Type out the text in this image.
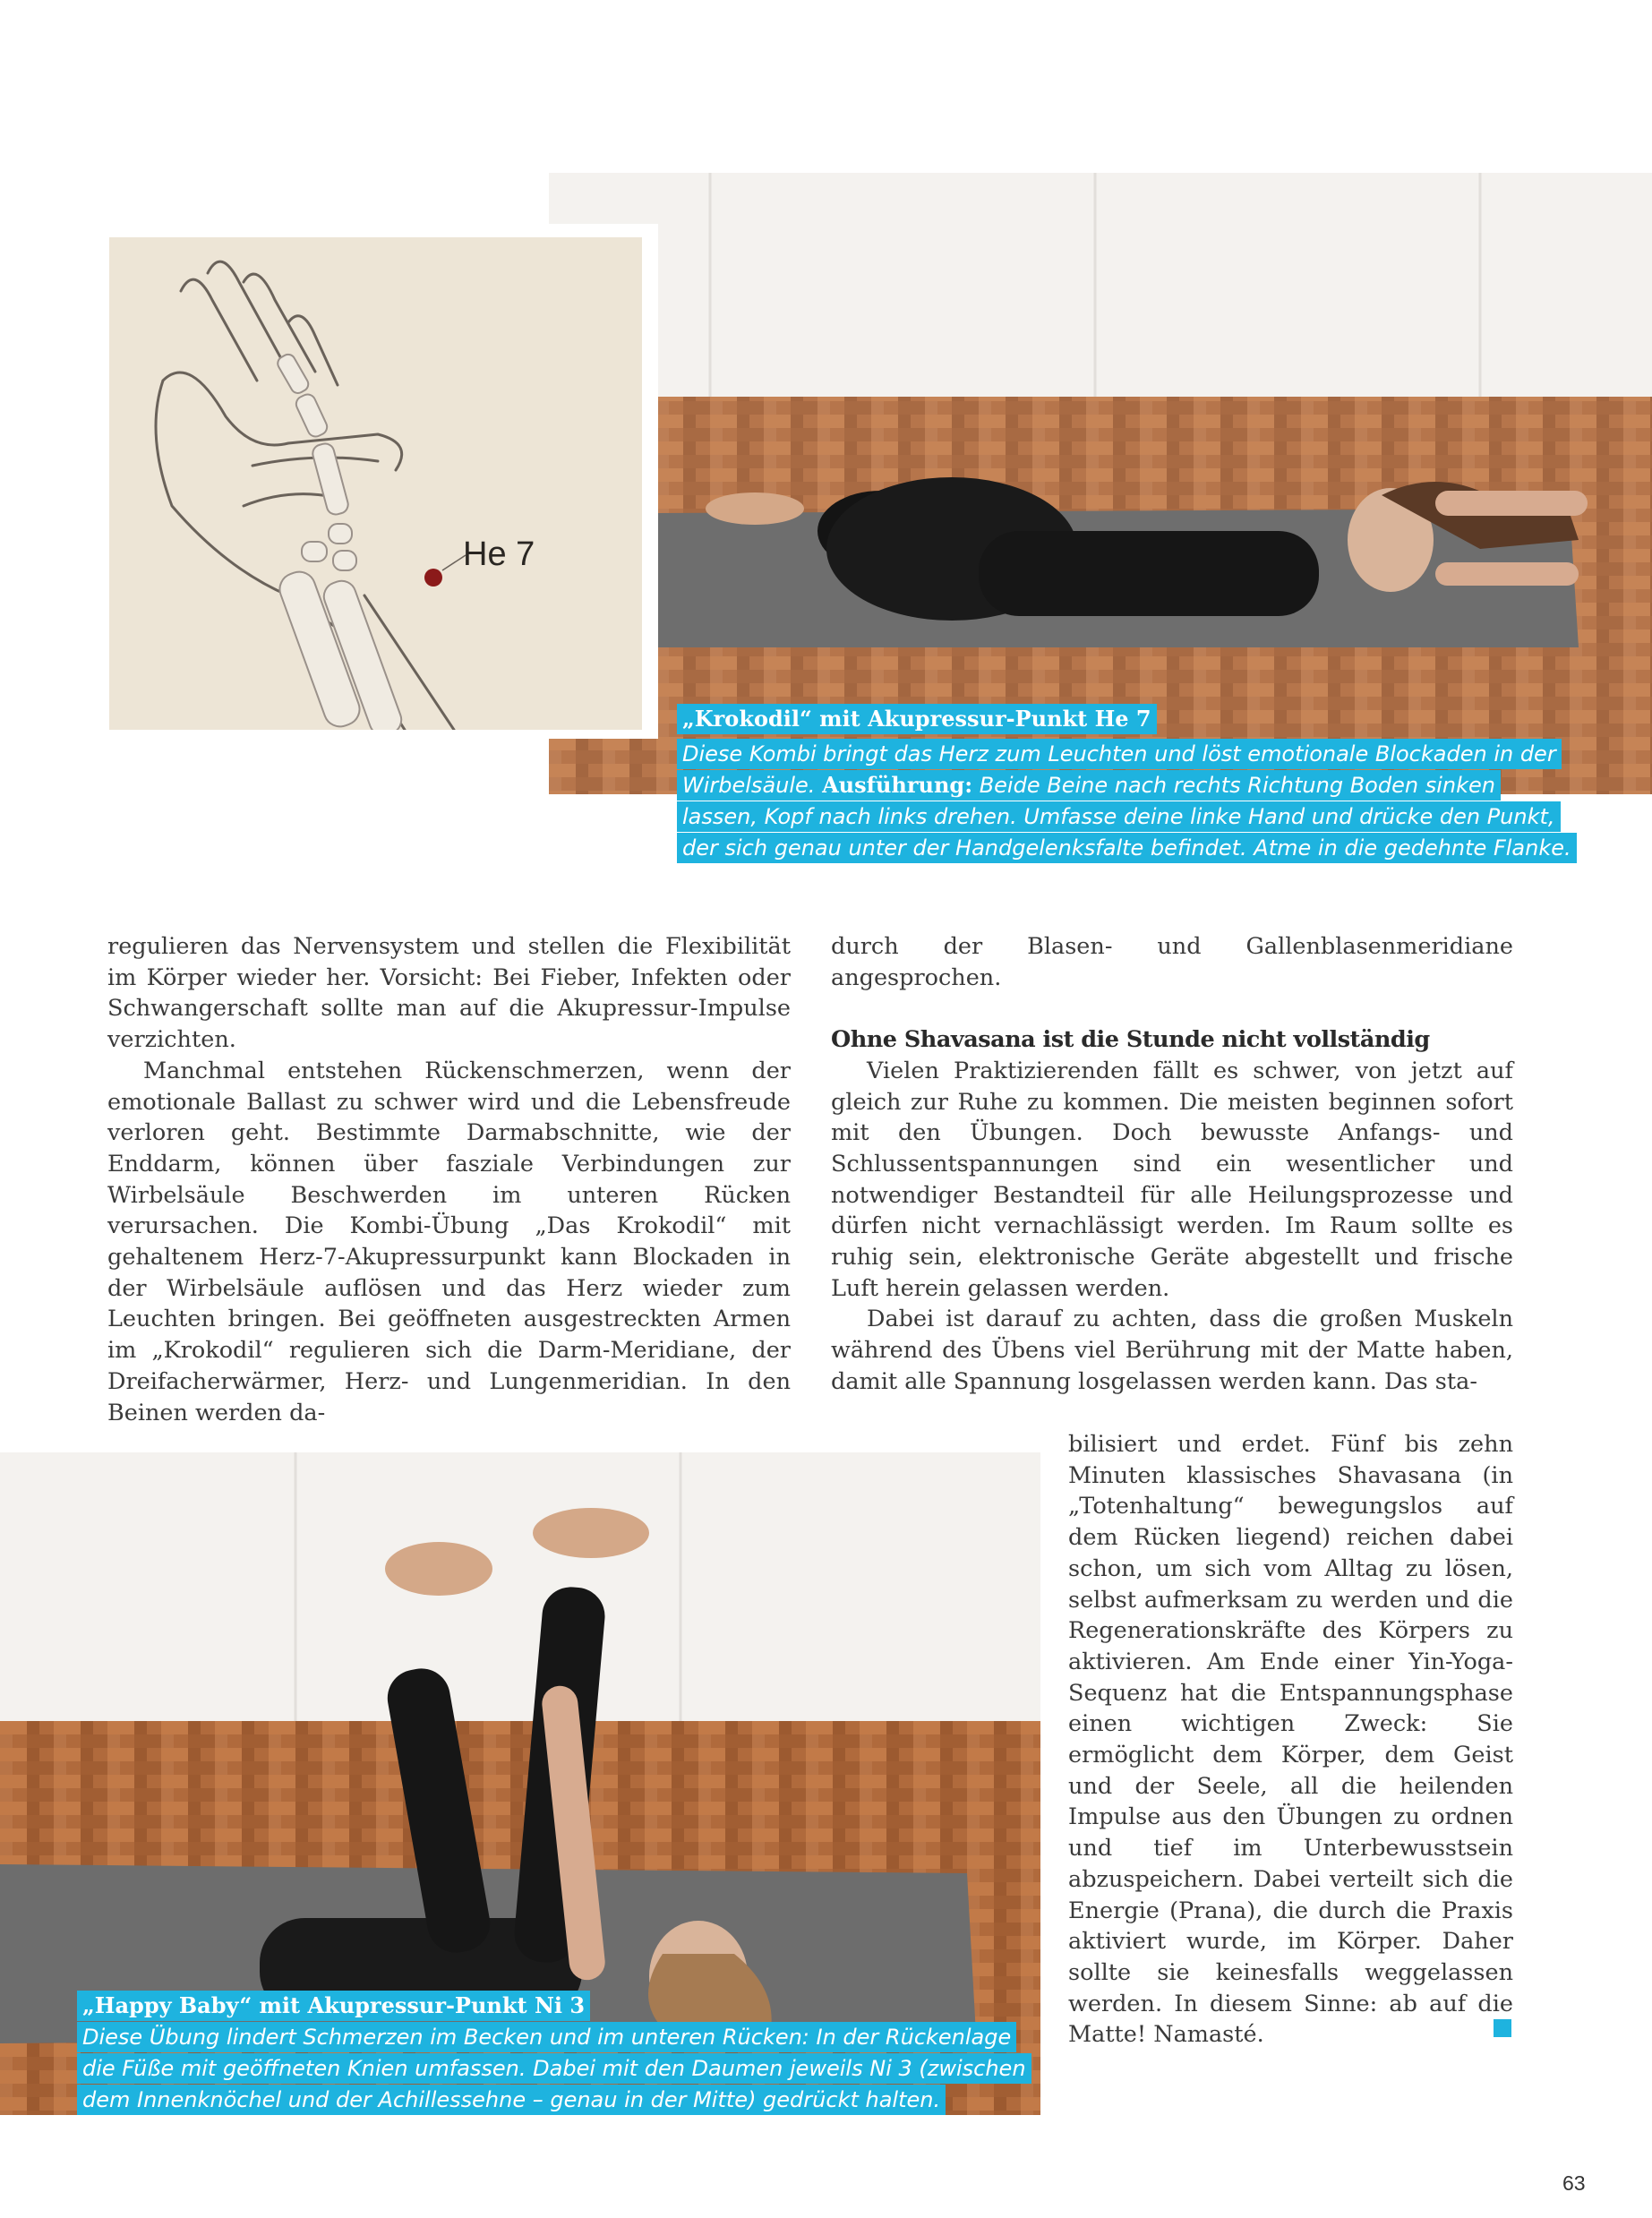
He 7
„Krokodil“ mit Akupressur-Punkt He 7
Diese Kombi bringt das Herz zum Leuchten und löst emotionale Blockaden in der
Wirbelsäule. Ausführung: Beide Beine nach rechts Richtung Boden sinken
lassen, Kopf nach links drehen. Umfasse deine linke Hand und drücke den Punkt,
der sich genau unter der Handgelenksfalte befindet. Atme in die gedehnte Flanke.

regulieren das Nervensystem und stellen die Flexibilität im Körper wieder her. Vorsicht: Bei Fieber, Infekten oder Schwangerschaft sollte man auf die Akupressur-Impulse verzichten.

Manchmal entstehen Rückenschmerzen, wenn der emotionale Ballast zu schwer wird und die Lebensfreude verloren geht. Bestimmte Darmabschnitte, wie der Enddarm, können über fasziale Verbindungen zur Wirbelsäule Beschwerden im unteren Rücken verursachen. Die Kombi-Übung „Das Krokodil“ mit gehaltenem Herz-7-Akupressurpunkt kann Blockaden in der Wirbelsäule auflösen und das Herz wieder zum Leuchten bringen. Bei geöffneten ausgestreckten Armen im „Krokodil“ regulieren sich die Darm-Meridiane, der Dreifacherwärmer, Herz- und Lungenmeridian. In den Beinen werden da-

durch der Blasen- und Gallenblasenmeridiane angesprochen.

Ohne Shavasana ist die Stunde nicht vollständig

Vielen Praktizierenden fällt es schwer, von jetzt auf gleich zur Ruhe zu kommen. Die meisten beginnen sofort mit den Übungen. Doch bewusste Anfangs- und Schlussentspannungen sind ein wesentlicher und notwendiger Bestandteil für alle Heilungsprozesse und dürfen nicht vernachlässigt werden. Im Raum sollte es ruhig sein, elektronische Geräte abgestellt und frische Luft herein gelassen werden.

Dabei ist darauf zu achten, dass die großen Muskeln während des Übens viel Berührung mit der Matte haben, damit alle Spannung losgelassen werden kann. Das sta-

bilisiert und erdet. Fünf bis zehn Minuten klassisches Shavasana (in „Totenhaltung“ bewegungslos auf dem Rücken liegend) reichen dabei schon, um sich vom Alltag zu lösen, selbst aufmerksam zu werden und die Regenerationskräfte des Körpers zu aktivieren. Am Ende einer Yin-Yoga-Sequenz hat die Entspannungsphase einen wichtigen Zweck: Sie ermöglicht dem Körper, dem Geist und der Seele, all die heilenden Impulse aus den Übungen zu ordnen und tief im Unterbewusstsein abzuspeichern. Dabei verteilt sich die Energie (Prana), die durch die Praxis aktiviert wurde, im Körper. Daher sollte sie keinesfalls weggelassen werden. In diesem Sinne: ab auf die Matte! Namasté.

„Happy Baby“ mit Akupressur-Punkt Ni 3
Diese Übung lindert Schmerzen im Becken und im unteren Rücken: In der Rückenlage
die Füße mit geöffneten Knien umfassen. Dabei mit den Daumen jeweils Ni 3 (zwischen
dem Innenknöchel und der Achillessehne – genau in der Mitte) gedrückt halten.
63
